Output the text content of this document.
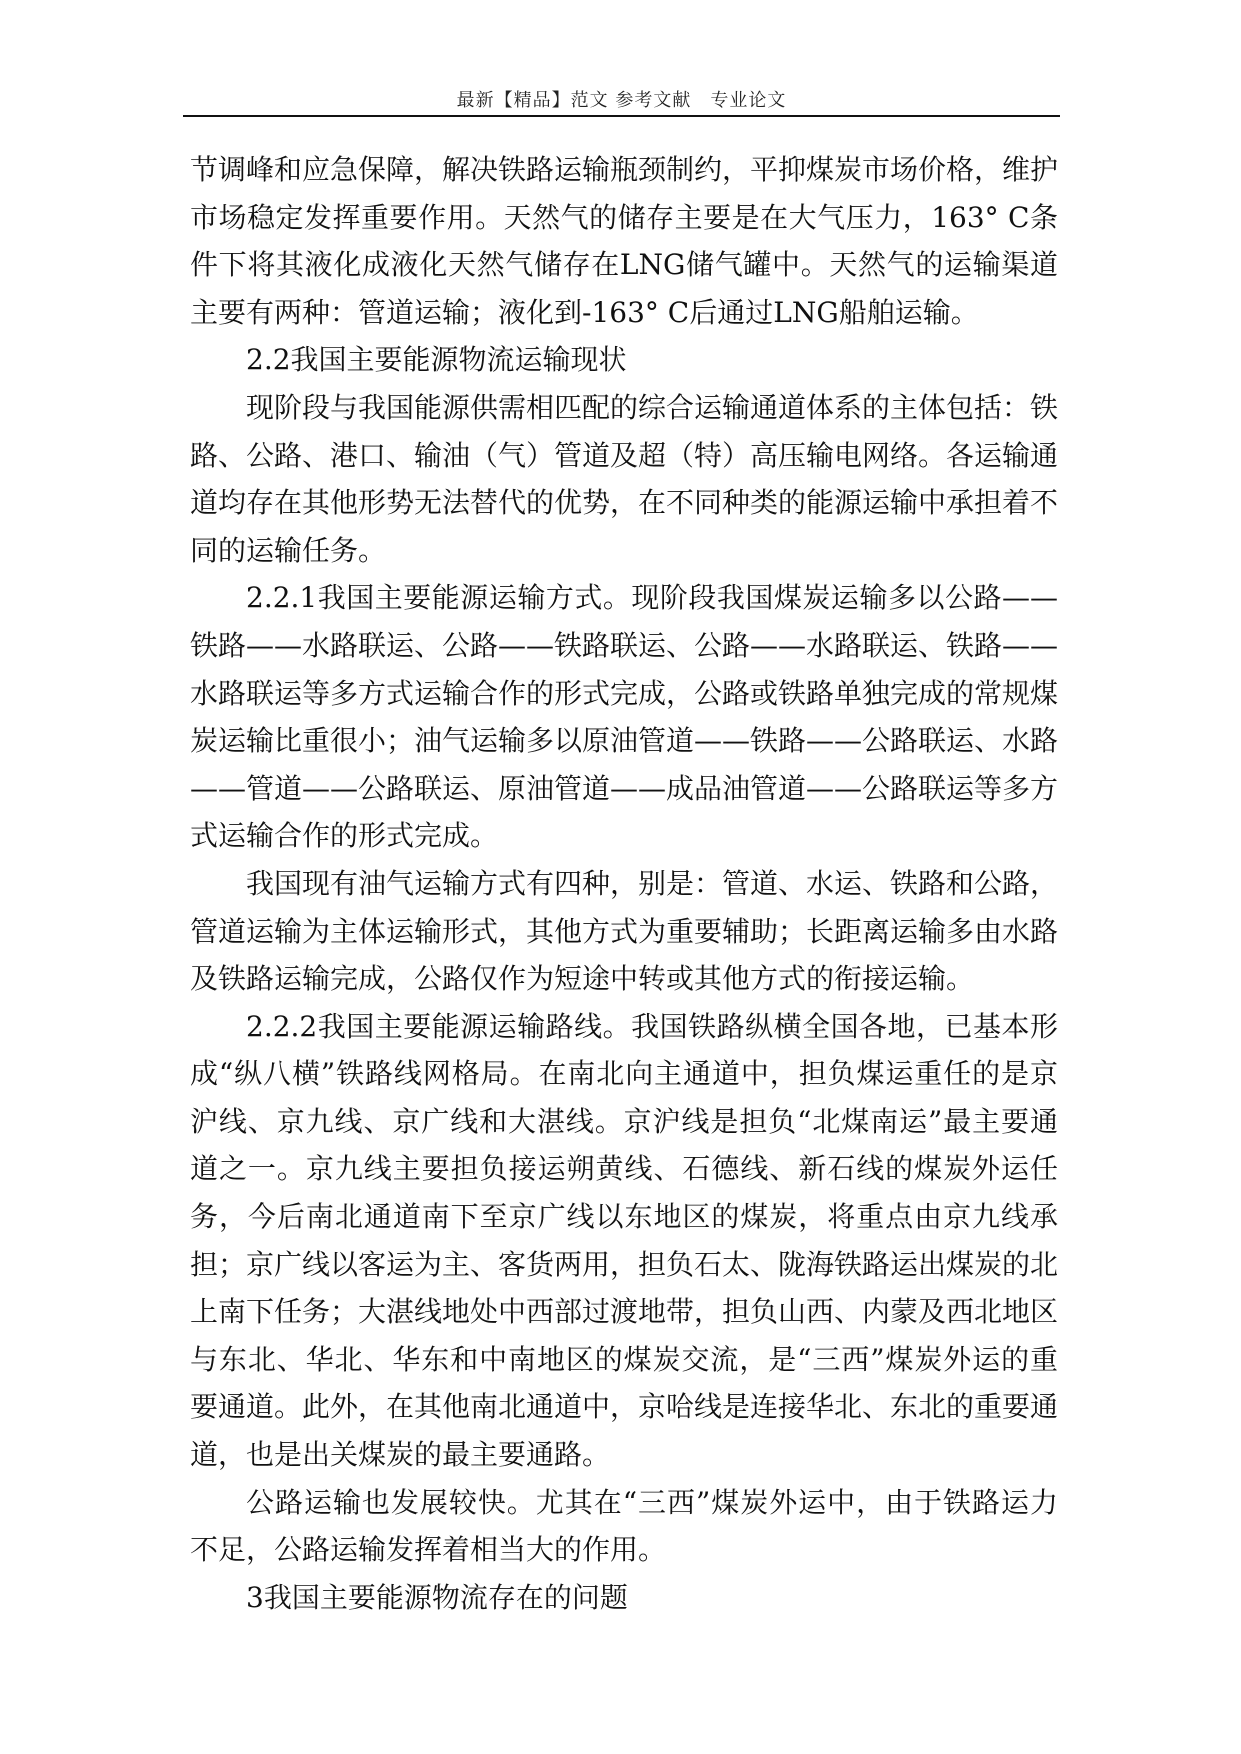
最新【精品】范文 参考文献　专业论文

节调峰和应急保障，解决铁路运输瓶颈制约，平抑煤炭市场价格，维护市场稳定发挥重要作用。天然气的储存主要是在大气压力，163° C条件下将其液化成液化天然气储存在LNG储气罐中。天然气的运输渠道主要有两种：管道运输；液化到-163° C后通过LNG船舶运输。

2.2我国主要能源物流运输现状

现阶段与我国能源供需相匹配的综合运输通道体系的主体包括：铁路、公路、港口、输油（气）管道及超（特）高压输电网络。各运输通道均存在其他形势无法替代的优势，在不同种类的能源运输中承担着不同的运输任务。

2.2.1我国主要能源运输方式。现阶段我国煤炭运输多以公路——铁路——水路联运、公路——铁路联运、公路——水路联运、铁路——水路联运等多方式运输合作的形式完成，公路或铁路单独完成的常规煤炭运输比重很小；油气运输多以原油管道——铁路——公路联运、水路——管道——公路联运、原油管道——成品油管道——公路联运等多方式运输合作的形式完成。

我国现有油气运输方式有四种，别是：管道、水运、铁路和公路，管道运输为主体运输形式，其他方式为重要辅助；长距离运输多由水路及铁路运输完成，公路仅作为短途中转或其他方式的衔接运输。

2.2.2我国主要能源运输路线。我国铁路纵横全国各地，已基本形成“纵八横”铁路线网格局。在南北向主通道中，担负煤运重任的是京沪线、京九线、京广线和大湛线。京沪线是担负“北煤南运”最主要通道之一。京九线主要担负接运朔黄线、石德线、新石线的煤炭外运任务，今后南北通道南下至京广线以东地区的煤炭，将重点由京九线承担；京广线以客运为主、客货两用，担负石太、陇海铁路运出煤炭的北上南下任务；大湛线地处中西部过渡地带，担负山西、内蒙及西北地区与东北、华北、华东和中南地区的煤炭交流，是“三西”煤炭外运的重要通道。此外，在其他南北通道中，京哈线是连接华北、东北的重要通道，也是出关煤炭的最主要通路。

公路运输也发展较快。尤其在“三西”煤炭外运中，由于铁路运力不足，公路运输发挥着相当大的作用。

3我国主要能源物流存在的问题
